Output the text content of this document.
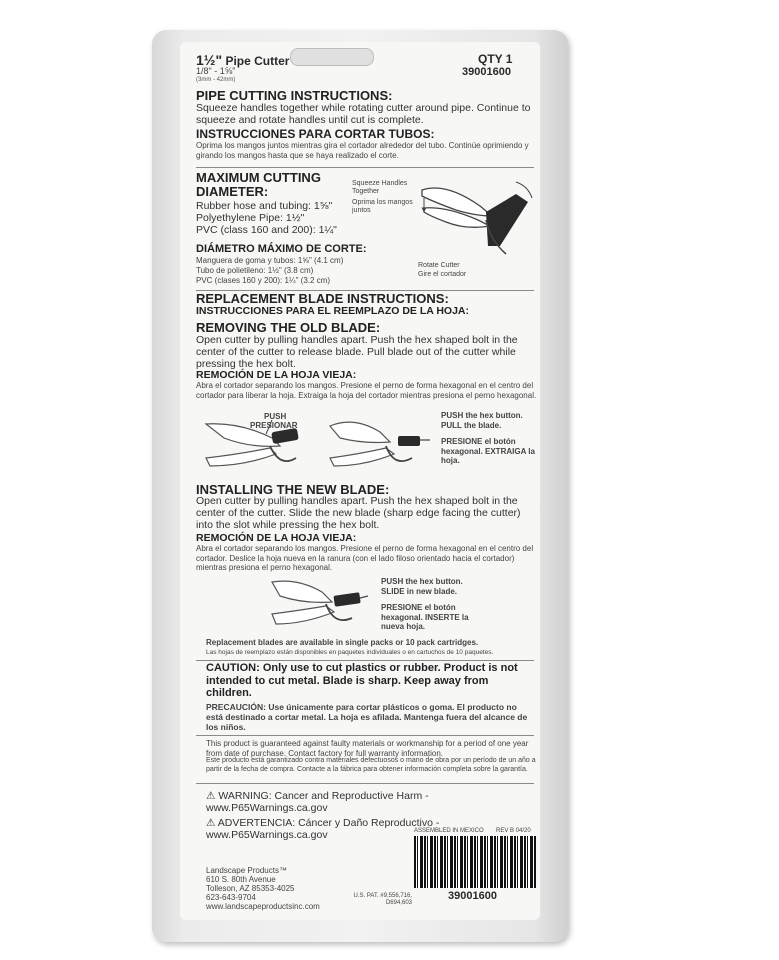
1½" Pipe Cutter
1/8" - 1⅝"
(3mm - 42mm)
QTY 1
39001600
PIPE CUTTING INSTRUCTIONS:
Squeeze handles together while rotating cutter around pipe. Continue to squeeze and rotate handles until cut is complete.
INSTRUCCIONES PARA CORTAR TUBOS:
Oprima los mangos juntos mientras gira el cortador alrededor del tubo. Continúe oprimiendo y girando los mangos hasta que se haya realizado el corte.
MAXIMUM CUTTING DIAMETER:
Rubber hose and tubing: 1⅝"
Polyethylene Pipe: 1½"
PVC (class 160 and 200): 1¼"
DIÁMETRO MÁXIMO DE CORTE:
Manguera de goma y tubos: 1⅝" (4.1 cm)
Tubo de polietileno: 1½" (3.8 cm)
PVC (clases 160 y 200): 1¼" (3.2 cm)
Squeeze Handles Together
Oprima los mangos juntos
Rotate Cutter
Gire el cortador
REPLACEMENT BLADE INSTRUCTIONS:
INSTRUCCIONES PARA EL REEMPLAZO DE LA HOJA:
REMOVING THE OLD BLADE:
Open cutter by pulling handles apart. Push the hex shaped bolt in the center of the cutter to release blade. Pull blade out of the cutter while pressing the hex bolt.
REMOCIÓN DE LA HOJA VIEJA:
Abra el cortador separando los mangos. Presione el perno de forma hexagonal en el centro del cortador para liberar la hoja. Extraiga la hoja del cortador mientras presiona el perno hexagonal.
PUSH
PRESIONAR
PUSH the hex button. PULL the blade.
PRESIONE el botón hexagonal. EXTRAIGA la hoja.
INSTALLING THE NEW BLADE:
Open cutter by pulling handles apart. Push the hex shaped bolt in the center of the cutter. Slide the new blade (sharp edge facing the cutter) into the slot while pressing the hex bolt.
REMOCIÓN DE LA HOJA VIEJA:
Abra el cortador separando los mangos. Presione el perno de forma hexagonal en el centro del cortador. Deslice la hoja nueva en la ranura (con el lado filoso orientado hacia el cortador) mientras presiona el perno hexagonal.
PUSH the hex button. SLIDE in new blade.
PRESIONE el botón hexagonal. INSERTE la nueva hoja.
Replacement blades are available in single packs or 10 pack cartridges.
Las hojas de reemplazo están disponibles en paquetes individuales o en cartuchos de 10 paquetes.
CAUTION: Only use to cut plastics or rubber. Product is not intended to cut metal. Blade is sharp. Keep away from children.
PRECAUCIÓN: Use únicamente para cortar plásticos o goma. El producto no está destinado a cortar metal. La hoja es afilada. Mantenga fuera del alcance de los niños.
This product is guaranteed against faulty materials or workmanship for a period of one year from date of purchase. Contact factory for full warranty information.
Este producto está garantizado contra materiales defectuosos o mano de obra por un período de un año a partir de la fecha de compra. Contacte a la fábrica para obtener información completa sobre la garantía.
⚠ WARNING: Cancer and Reproductive Harm - www.P65Warnings.ca.gov
⚠ ADVERTENCIA: Cáncer y Daño Reproductivo - www.P65Warnings.ca.gov	ASSEMBLED IN MEXICO REV B 04/20
39001600
Landscape Products™
610 S. 80th Avenue
Tolleson, AZ 85353-4025
623-643-9704
www.landscapeproductsinc.com
U.S. PAT. #9,556,716, D694,603
